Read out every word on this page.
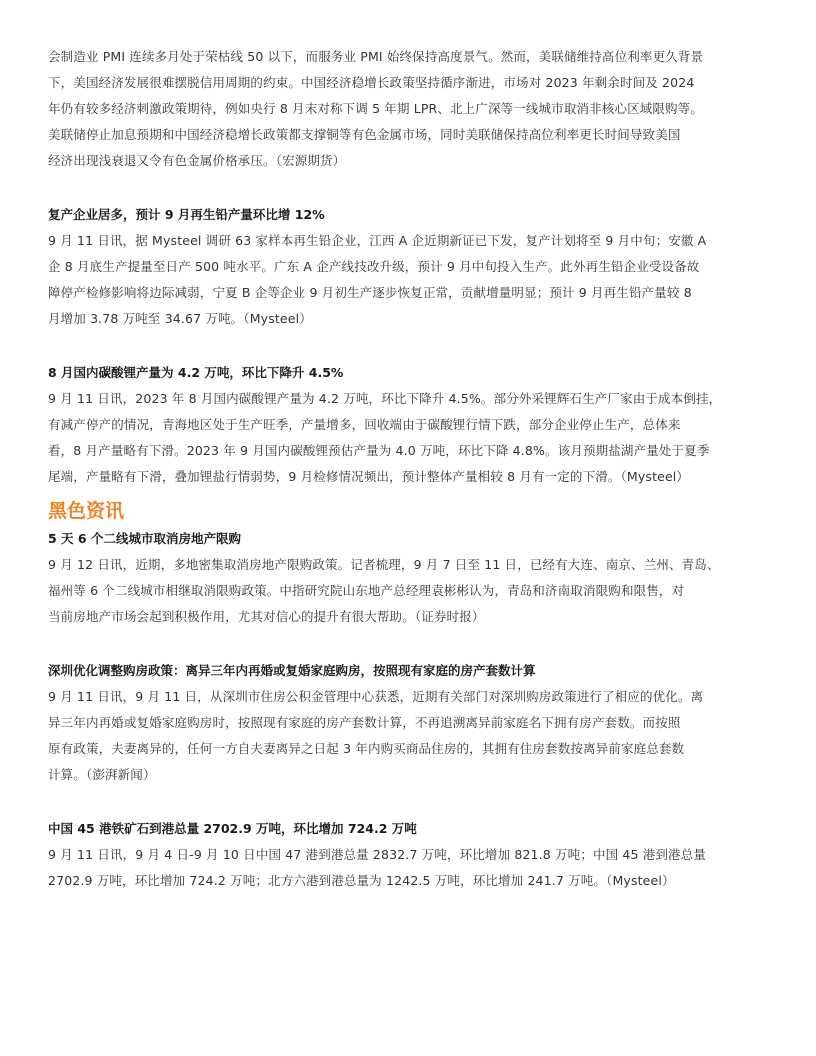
会制造业 PMI 连续多月处于荣枯线 50 以下，而服务业 PMI 始终保持高度景气。然而，美联储维持高位利率更久背景

下，美国经济发展很难摆脱信用周期的约束。中国经济稳增长政策坚持循序渐进，市场对 2023 年剩余时间及 2024

年仍有较多经济刺激政策期待，例如央行 8 月末对称下调 5 年期 LPR、北上广深等一线城市取消非核心区域限购等。

美联储停止加息预期和中国经济稳增长政策都支撑铜等有色金属市场，同时美联储保持高位利率更长时间导致美国

经济出现浅衰退又令有色金属价格承压。（宏源期货）

复产企业居多，预计 9 月再生铅产量环比增 12%

9 月 11 日讯，据 Mysteel 调研 63 家样本再生铅企业，江西 A 企近期新证已下发，复产计划将至 9 月中旬；安徽 A

企 8 月底生产提量至日产 500 吨水平。广东 A 企产线技改升级，预计 9 月中旬投入生产。此外再生铅企业受设备故

障停产检修影响将边际减弱，宁夏 B 企等企业 9 月初生产逐步恢复正常，贡献增量明显；预计 9 月再生铅产量较 8

月增加 3.78 万吨至 34.67 万吨。（Mysteel）

8 月国内碳酸锂产量为 4.2 万吨，环比下降升 4.5%

9 月 11 日讯，2023 年 8 月国内碳酸锂产量为 4.2 万吨，环比下降升 4.5%。部分外采锂辉石生产厂家由于成本倒挂，

有减产停产的情况，青海地区处于生产旺季，产量增多，回收端由于碳酸锂行情下跌，部分企业停止生产，总体来

看，8 月产量略有下滑。2023 年 9 月国内碳酸锂预估产量为 4.0 万吨，环比下降 4.8%。该月预期盐湖产量处于夏季

尾端，产量略有下滑，叠加锂盐行情弱势，9 月检修情况频出，预计整体产量相较 8 月有一定的下滑。（Mysteel）

黑色资讯

5 天 6 个二线城市取消房地产限购

9 月 12 日讯，近期，多地密集取消房地产限购政策。记者梳理，9 月 7 日至 11 日，已经有大连、南京、兰州、青岛、

福州等 6 个二线城市相继取消限购政策。中指研究院山东地产总经理袁彬彬认为，青岛和济南取消限购和限售，对

当前房地产市场会起到积极作用，尤其对信心的提升有很大帮助。（证券时报）

深圳优化调整购房政策：离异三年内再婚或复婚家庭购房，按照现有家庭的房产套数计算

9 月 11 日讯，9 月 11 日，从深圳市住房公积金管理中心获悉，近期有关部门对深圳购房政策进行了相应的优化。离

异三年内再婚或复婚家庭购房时，按照现有家庭的房产套数计算，不再追溯离异前家庭名下拥有房产套数。而按照

原有政策，夫妻离异的，任何一方自夫妻离异之日起 3 年内购买商品住房的，其拥有住房套数按离异前家庭总套数

计算。（澎湃新闻）

中国 45 港铁矿石到港总量 2702.9 万吨，环比增加 724.2 万吨

9 月 11 日讯，9 月 4 日-9 月 10 日中国 47 港到港总量 2832.7 万吨，环比增加 821.8 万吨；中国 45 港到港总量

2702.9 万吨，环比增加 724.2 万吨；北方六港到港总量为 1242.5 万吨，环比增加 241.7 万吨。（Mysteel）
